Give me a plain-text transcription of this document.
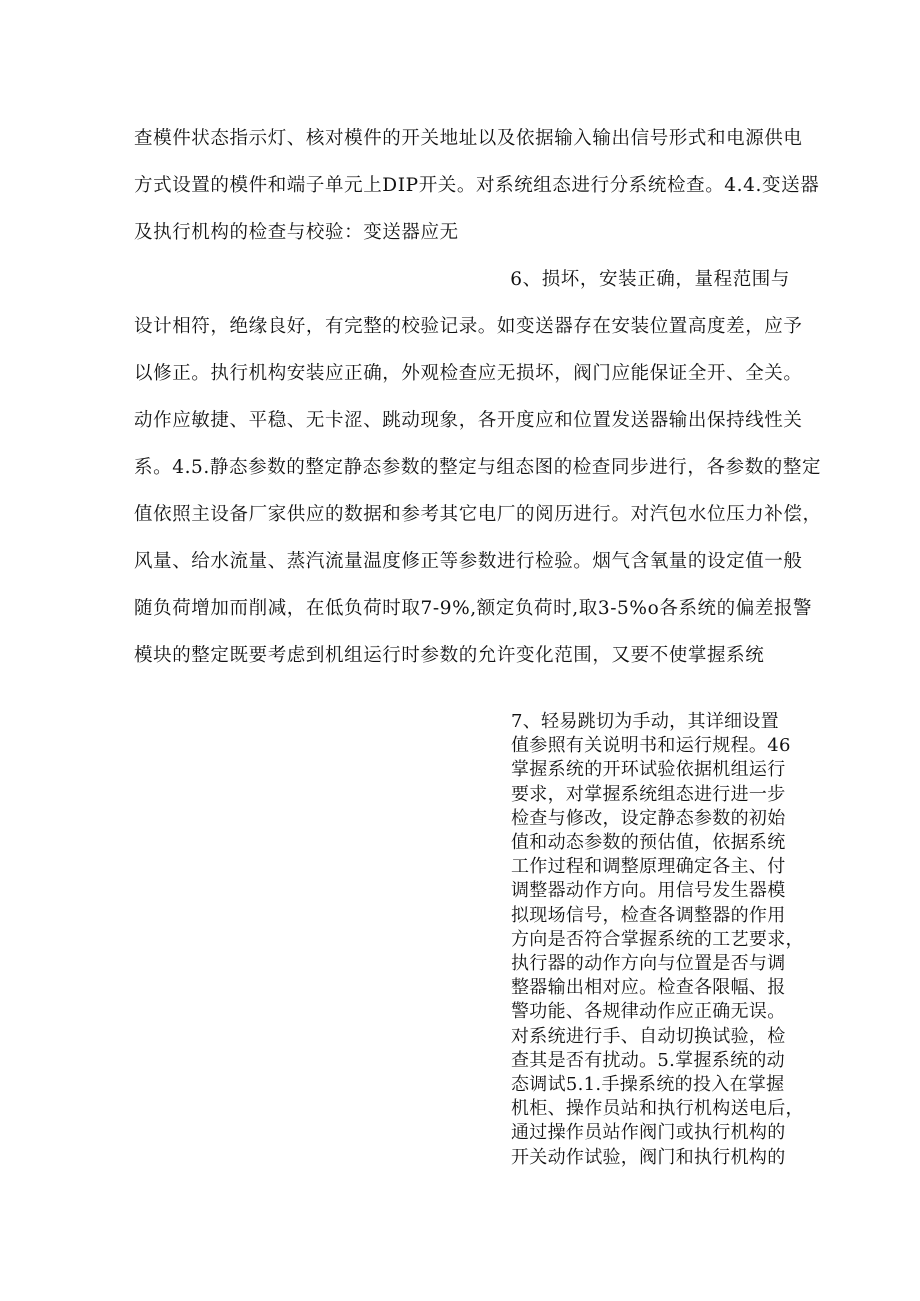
查模件状态指示灯、核对模件的开关地址以及依据输入输出信号形式和电源供电
方式设置的模件和端子单元上DIP开关。对系统组态进行分系统检查。4.4.变送器
及执行机构的检查与校验：变送器应无
6、损坏，安装正确，量程范围与
设计相符，绝缘良好，有完整的校验记录。如变送器存在安装位置高度差，应予
以修正。执行机构安装应正确，外观检查应无损坏，阀门应能保证全开、全关。
动作应敏捷、平稳、无卡涩、跳动现象，各开度应和位置发送器输出保持线性关
系。4.5.静态参数的整定静态参数的整定与组态图的检查同步进行，各参数的整定
值依照主设备厂家供应的数据和参考其它电厂的阅历进行。对汽包水位压力补偿，
风量、给水流量、蒸汽流量温度修正等参数进行检验。烟气含氧量的设定值一般
随负荷增加而削减，在低负荷时取7-9%,额定负荷时,取3-5%o各系统的偏差报警
模块的整定既要考虑到机组运行时参数的允许变化范围，又要不使掌握系统
7、轻易跳切为手动，其详细设置
值参照有关说明书和运行规程。46
掌握系统的开环试验依据机组运行
要求，对掌握系统组态进行进一步
检查与修改，设定静态参数的初始
值和动态参数的预估值，依据系统
工作过程和调整原理确定各主、付
调整器动作方向。用信号发生器模
拟现场信号，检查各调整器的作用
方向是否符合掌握系统的工艺要求，
执行器的动作方向与位置是否与调
整器输出相对应。检查各限幅、报
警功能、各规律动作应正确无误。
对系统进行手、自动切换试验，检
查其是否有扰动。5.掌握系统的动
态调试5.1.手操系统的投入在掌握
机柜、操作员站和执行机构送电后，
通过操作员站作阀门或执行机构的
开关动作试验，阀门和执行机构的
